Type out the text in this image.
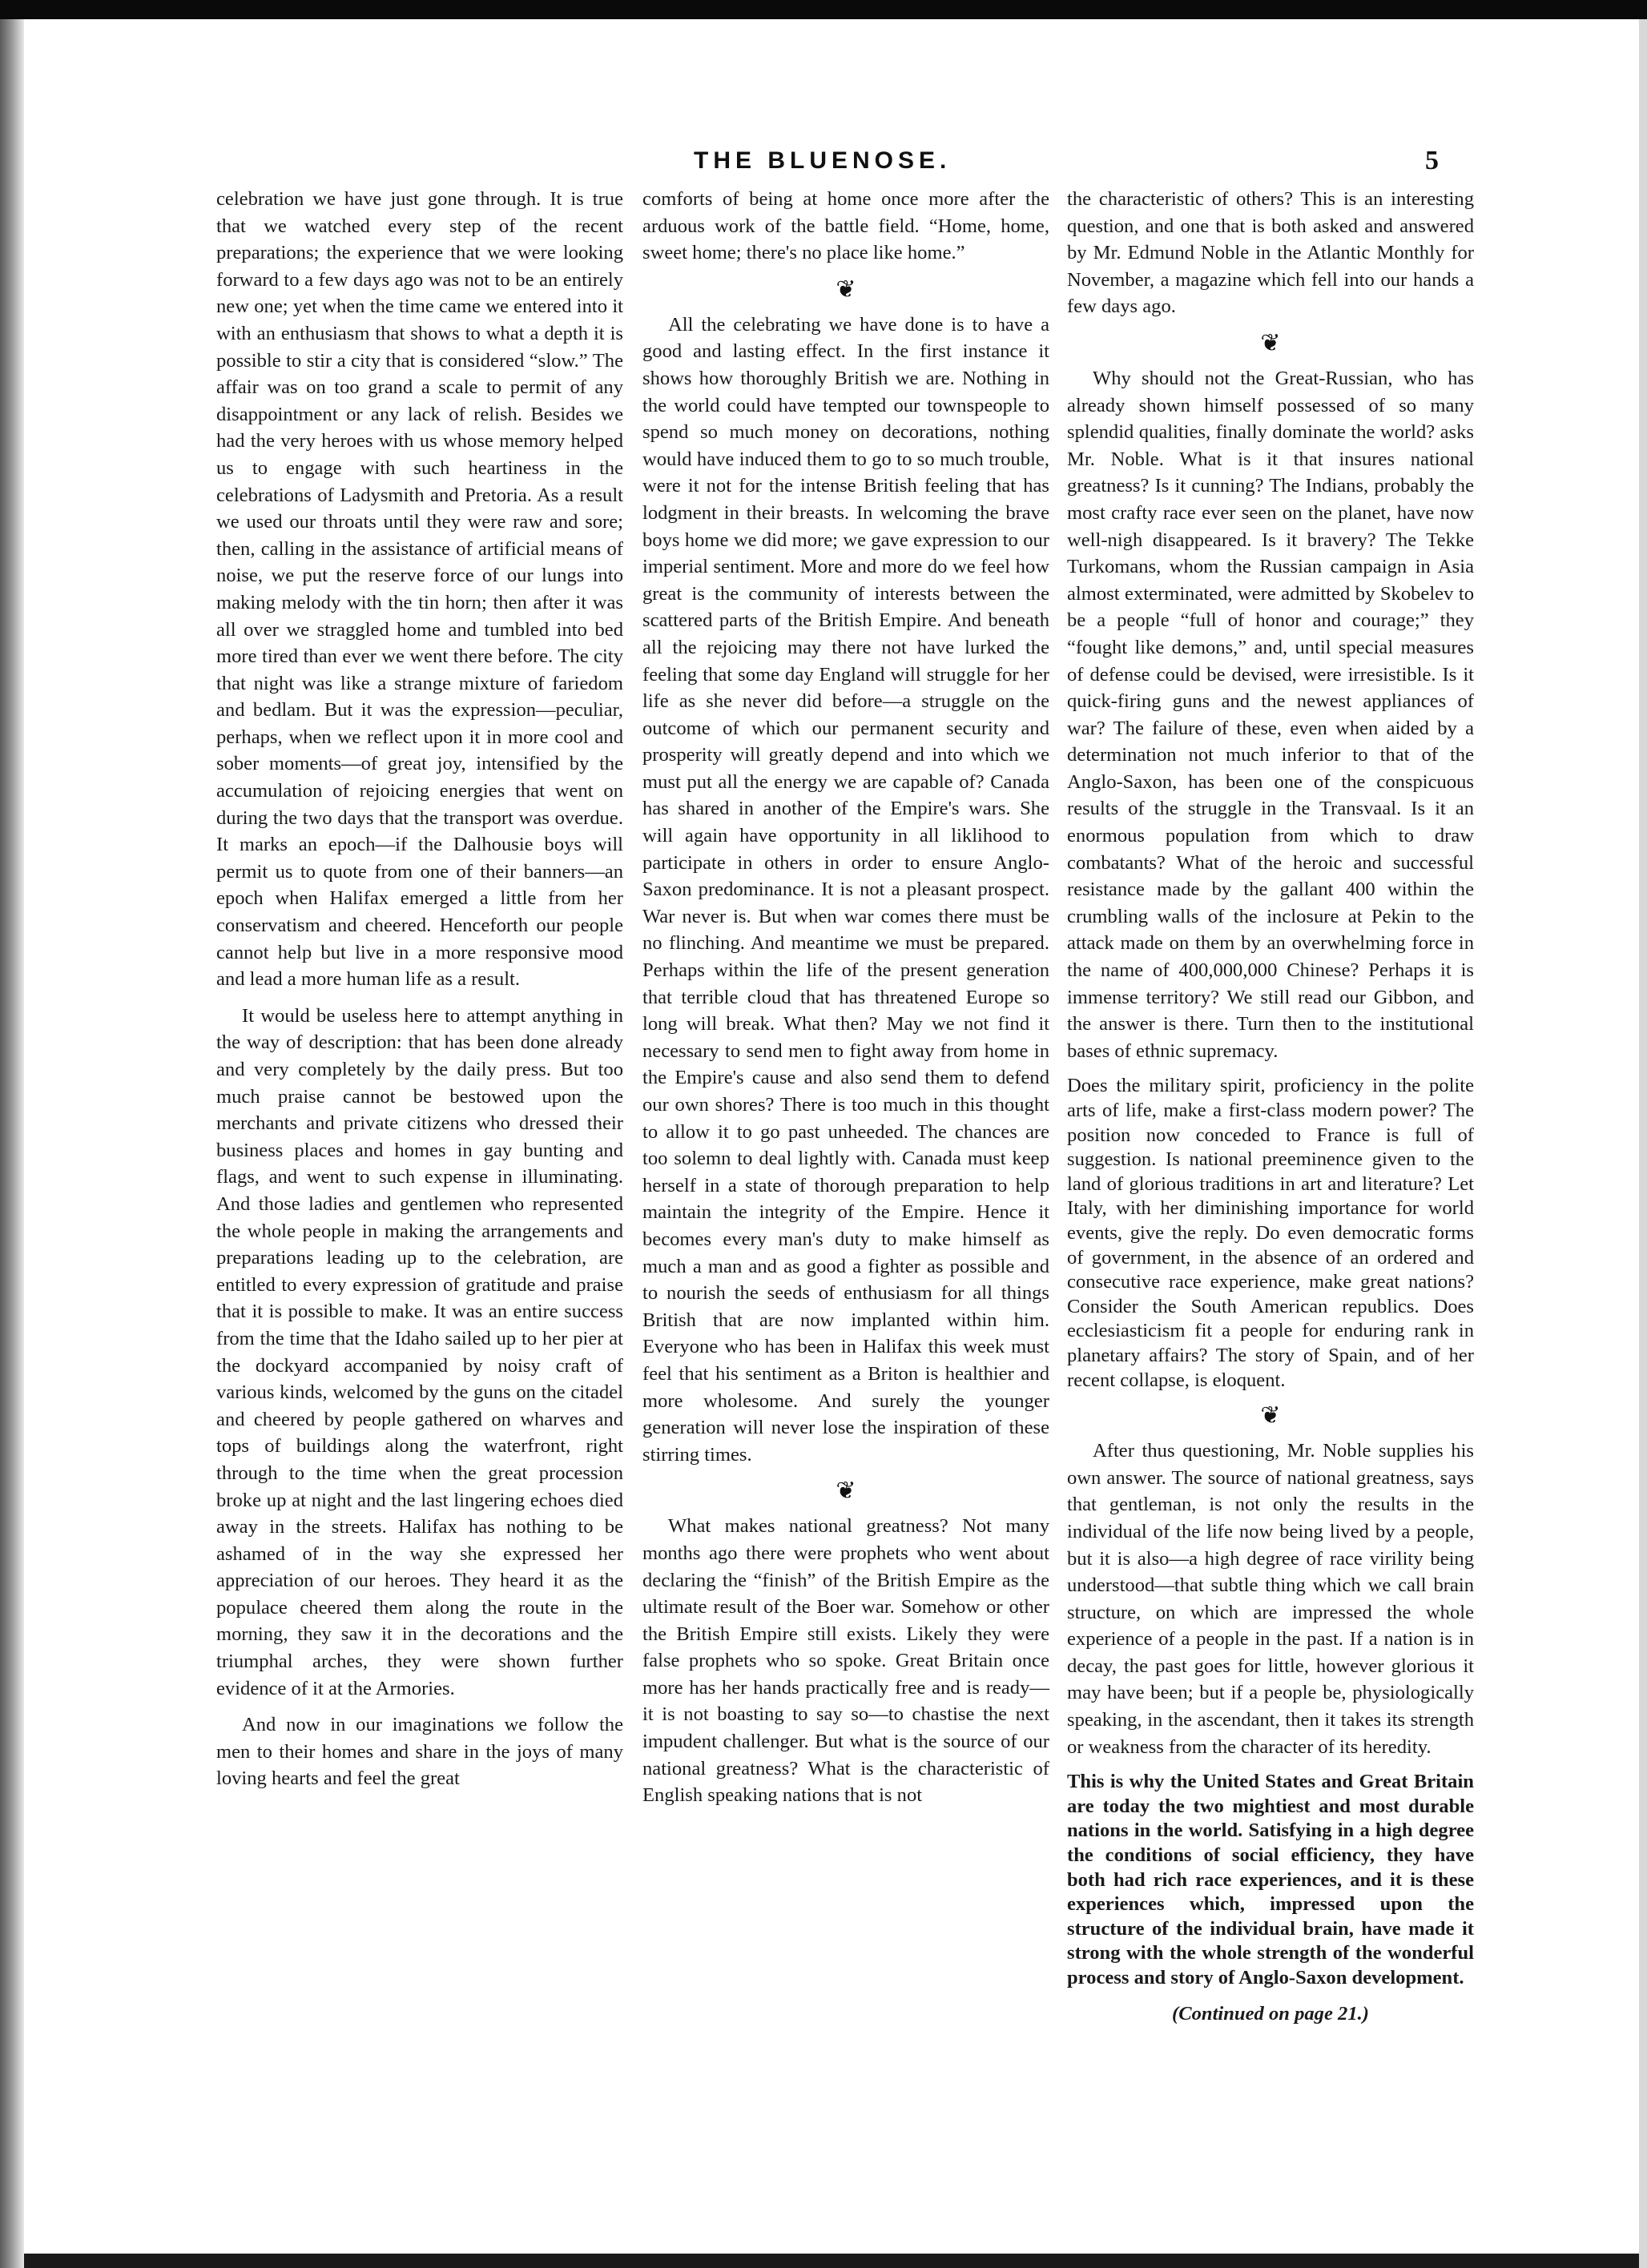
THE BLUENOSE.	5

celebration we have just gone through. It is true that we watched every step of the recent preparations; the experience that we were looking forward to a few days ago was not to be an entirely new one; yet when the time came we entered into it with an enthusiasm that shows to what a depth it is possible to stir a city that is considered “slow.” The affair was on too grand a scale to permit of any disappointment or any lack of relish. Besides we had the very heroes with us whose memory helped us to engage with such heartiness in the celebrations of Ladysmith and Pretoria. As a result we used our throats until they were raw and sore; then, calling in the assistance of artificial means of noise, we put the reserve force of our lungs into making melody with the tin horn; then after it was all over we straggled home and tumbled into bed more tired than ever we went there before. The city that night was like a strange mixture of fariedom and bedlam. But it was the expression—peculiar, perhaps, when we reflect upon it in more cool and sober moments—of great joy, intensified by the accumulation of rejoicing energies that went on during the two days that the transport was overdue. It marks an epoch—if the Dalhousie boys will permit us to quote from one of their banners—an epoch when Halifax emerged a little from her conservatism and cheered. Henceforth our people cannot help but live in a more responsive mood and lead a more human life as a result.

It would be useless here to attempt anything in the way of description: that has been done already and very completely by the daily press. But too much praise cannot be bestowed upon the merchants and private citizens who dressed their business places and homes in gay bunting and flags, and went to such expense in illuminating. And those ladies and gentlemen who represented the whole people in making the arrangements and preparations leading up to the celebration, are entitled to every expression of gratitude and praise that it is possible to make. It was an entire success from the time that the Idaho sailed up to her pier at the dockyard accompanied by noisy craft of various kinds, welcomed by the guns on the citadel and cheered by people gathered on wharves and tops of buildings along the waterfront, right through to the time when the great procession broke up at night and the last lingering echoes died away in the streets. Halifax has nothing to be ashamed of in the way she expressed her appreciation of our heroes. They heard it as the populace cheered them along the route in the morning, they saw it in the decorations and the triumphal arches, they were shown further evidence of it at the Armories.

And now in our imaginations we follow the men to their homes and share in the joys of many loving hearts and feel the great

comforts of being at home once more after the arduous work of the battle field. “Home, home, sweet home; there's no place like home.”

❦

All the celebrating we have done is to have a good and lasting effect. In the first instance it shows how thoroughly British we are. Nothing in the world could have tempted our townspeople to spend so much money on decorations, nothing would have induced them to go to so much trouble, were it not for the intense British feeling that has lodgment in their breasts. In welcoming the brave boys home we did more; we gave expression to our imperial sentiment. More and more do we feel how great is the community of interests between the scattered parts of the British Empire. And beneath all the rejoicing may there not have lurked the feeling that some day England will struggle for her life as she never did before—a struggle on the outcome of which our permanent security and prosperity will greatly depend and into which we must put all the energy we are capable of? Canada has shared in another of the Empire's wars. She will again have opportunity in all liklihood to participate in others in order to ensure Anglo-Saxon predominance. It is not a pleasant prospect. War never is. But when war comes there must be no flinching. And meantime we must be prepared. Perhaps within the life of the present generation that terrible cloud that has threatened Europe so long will break. What then? May we not find it necessary to send men to fight away from home in the Empire's cause and also send them to defend our own shores? There is too much in this thought to allow it to go past unheeded. The chances are too solemn to deal lightly with. Canada must keep herself in a state of thorough preparation to help maintain the integrity of the Empire. Hence it becomes every man's duty to make himself as much a man and as good a fighter as possible and to nourish the seeds of enthusiasm for all things British that are now implanted within him. Everyone who has been in Halifax this week must feel that his sentiment as a Briton is healthier and more wholesome. And surely the younger generation will never lose the inspiration of these stirring times.

❦

What makes national greatness? Not many months ago there were prophets who went about declaring the “finish” of the British Empire as the ultimate result of the Boer war. Somehow or other the British Empire still exists. Likely they were false prophets who so spoke. Great Britain once more has her hands practically free and is ready—it is not boasting to say so—to chastise the next impudent challenger. But what is the source of our national greatness? What is the characteristic of English speaking nations that is not

the characteristic of others? This is an interesting question, and one that is both asked and answered by Mr. Edmund Noble in the Atlantic Monthly for November, a magazine which fell into our hands a few days ago.

❦

Why should not the Great-Russian, who has already shown himself possessed of so many splendid qualities, finally dominate the world? asks Mr. Noble. What is it that insures national greatness? Is it cunning? The Indians, probably the most crafty race ever seen on the planet, have now well-nigh disappeared. Is it bravery? The Tekke Turkomans, whom the Russian campaign in Asia almost exterminated, were admitted by Skobelev to be a people “full of honor and courage;” they “fought like demons,” and, until special measures of defense could be devised, were irresistible. Is it quick-firing guns and the newest appliances of war? The failure of these, even when aided by a determination not much inferior to that of the Anglo-Saxon, has been one of the conspicuous results of the struggle in the Transvaal. Is it an enormous population from which to draw combatants? What of the heroic and successful resistance made by the gallant 400 within the crumbling walls of the inclosure at Pekin to the attack made on them by an overwhelming force in the name of 400,000,000 Chinese? Perhaps it is immense territory? We still read our Gibbon, and the answer is there. Turn then to the institutional bases of ethnic supremacy.

Does the military spirit, proficiency in the polite arts of life, make a first-class modern power? The position now conceded to France is full of suggestion. Is national preeminence given to the land of glorious traditions in art and literature? Let Italy, with her diminishing importance for world events, give the reply. Do even democratic forms of government, in the absence of an ordered and consecutive race experience, make great nations? Consider the South American republics. Does ecclesiasticism fit a people for enduring rank in planetary affairs? The story of Spain, and of her recent collapse, is eloquent.

❦

After thus questioning, Mr. Noble supplies his own answer. The source of national greatness, says that gentleman, is not only the results in the individual of the life now being lived by a people, but it is also—a high degree of race virility being understood—that subtle thing which we call brain structure, on which are impressed the whole experience of a people in the past. If a nation is in decay, the past goes for little, however glorious it may have been; but if a people be, physiologically speaking, in the ascendant, then it takes its strength or weakness from the character of its heredity.

This is why the United States and Great Britain are today the two mightiest and most durable nations in the world. Satisfying in a high degree the conditions of social efficiency, they have both had rich race experiences, and it is these experiences which, impressed upon the structure of the individual brain, have made it strong with the whole strength of the wonderful process and story of Anglo-Saxon development.

(Continued on page 21.)
